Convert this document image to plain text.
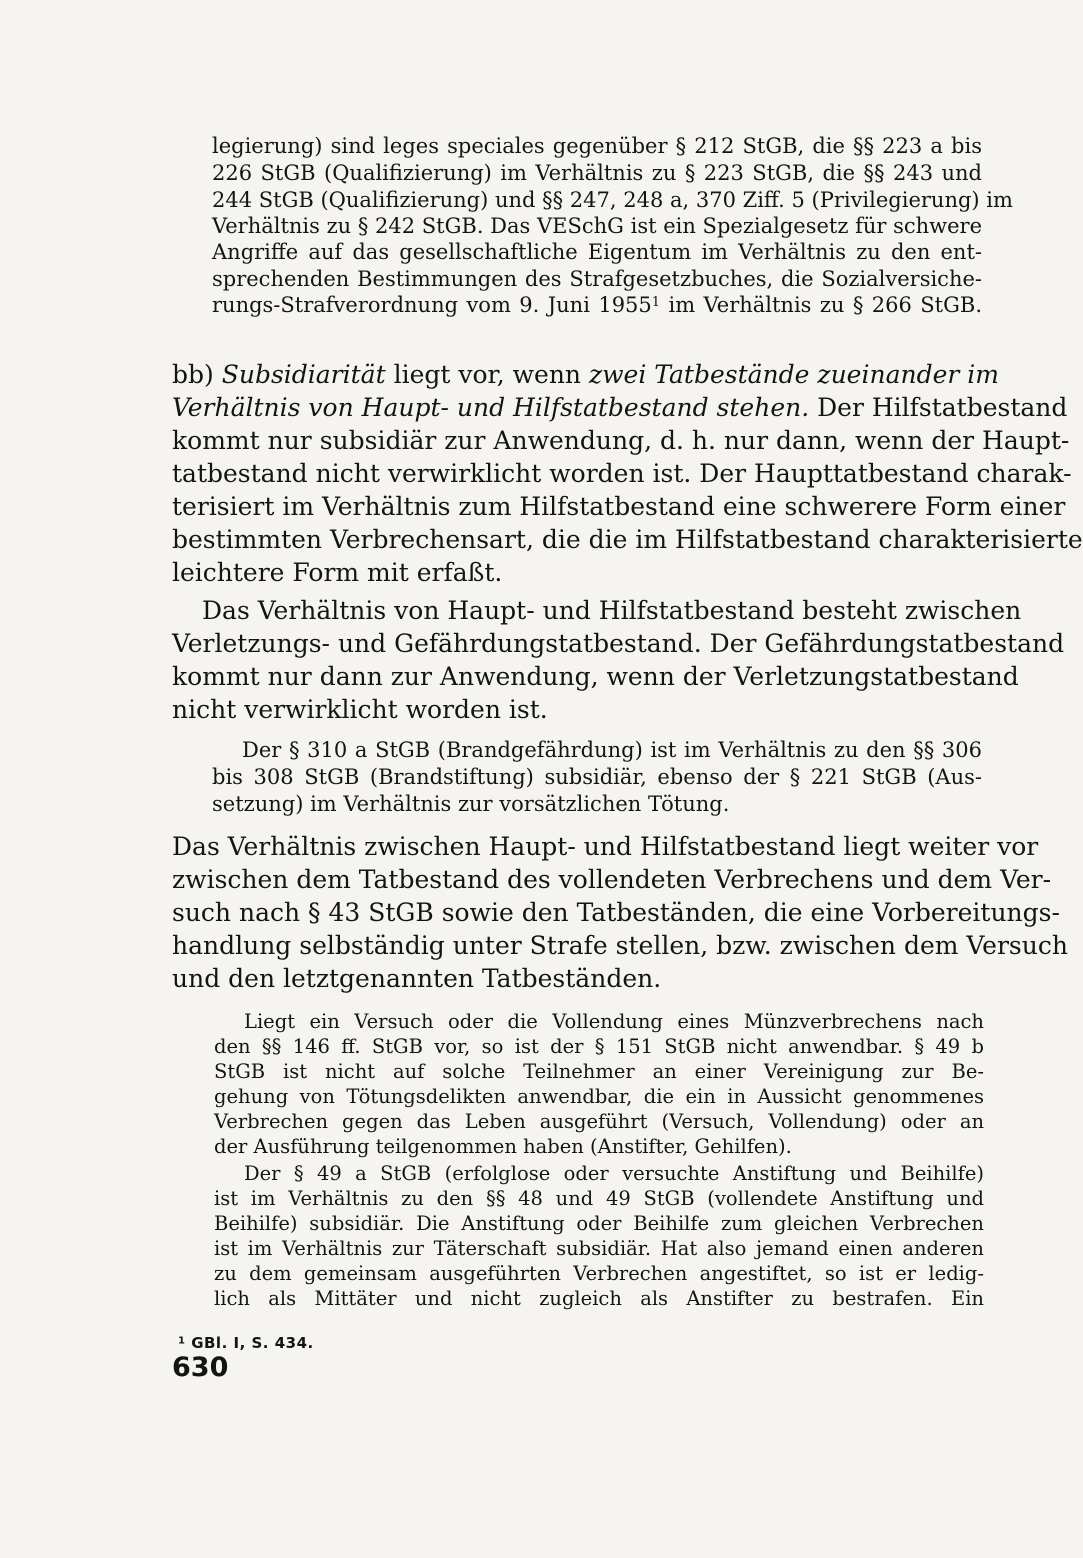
legierung) sind leges speciales gegenüber § 212 StGB, die §§ 223 a bis
226 StGB (Qualifizierung) im Verhältnis zu § 223 StGB, die §§ 243 und
244 StGB (Qualifizierung) und §§ 247, 248 a, 370 Ziff. 5 (Privilegierung) im
Verhältnis zu § 242 StGB. Das VESchG ist ein Spezialgesetz für schwere
Angriffe auf das gesellschaftliche Eigentum im Verhältnis zu den ent-
sprechenden Bestimmungen des Strafgesetzbuches, die Sozialversiche-
rungs-Strafverordnung vom 9. Juni 1955$^1$ im Verhältnis zu § 266 StGB.
bb) Subsidiarität liegt vor, wenn zwei Tatbestände zueinander im
Verhältnis von Haupt- und Hilfstatbestand stehen. Der Hilfstatbestand
kommt nur subsidiär zur Anwendung, d. h. nur dann, wenn der Haupt-
tatbestand nicht verwirklicht worden ist. Der Haupttatbestand charak-
terisiert im Verhältnis zum Hilfstatbestand eine schwerere Form einer
bestimmten Verbrechensart, die die im Hilfstatbestand charakterisierte
leichtere Form mit erfaßt.
Das Verhältnis von Haupt- und Hilfstatbestand besteht zwischen
Verletzungs- und Gefährdungstatbestand. Der Gefährdungstatbestand
kommt nur dann zur Anwendung, wenn der Verletzungstatbestand
nicht verwirklicht worden ist.
Der § 310 a StGB (Brandgefährdung) ist im Verhältnis zu den §§ 306
bis 308 StGB (Brandstiftung) subsidiär, ebenso der § 221 StGB (Aus-
setzung) im Verhältnis zur vorsätzlichen Tötung.
Das Verhältnis zwischen Haupt- und Hilfstatbestand liegt weiter vor
zwischen dem Tatbestand des vollendeten Verbrechens und dem Ver-
such nach § 43 StGB sowie den Tatbeständen, die eine Vorbereitungs-
handlung selbständig unter Strafe stellen, bzw. zwischen dem Versuch
und den letztgenannten Tatbeständen.
Liegt ein Versuch oder die Vollendung eines Münzverbrechens nach
den §§ 146 ff. StGB vor, so ist der § 151 StGB nicht anwendbar. § 49 b
StGB ist nicht auf solche Teilnehmer an einer Vereinigung zur Be-
gehung von Tötungsdelikten anwendbar, die ein in Aussicht genommenes
Verbrechen gegen das Leben ausgeführt (Versuch, Vollendung) oder an
der Ausführung teilgenommen haben (Anstifter, Gehilfen).
Der § 49 a StGB (erfolglose oder versuchte Anstiftung und Beihilfe)
ist im Verhältnis zu den §§ 48 und 49 StGB (vollendete Anstiftung und
Beihilfe) subsidiär. Die Anstiftung oder Beihilfe zum gleichen Verbrechen
ist im Verhältnis zur Täterschaft subsidiär. Hat also jemand einen anderen
zu dem gemeinsam ausgeführten Verbrechen angestiftet, so ist er ledig-
lich als Mittäter und nicht zugleich als Anstifter zu bestrafen. Ein
$^1$ GBl. I, S. 434.
630
